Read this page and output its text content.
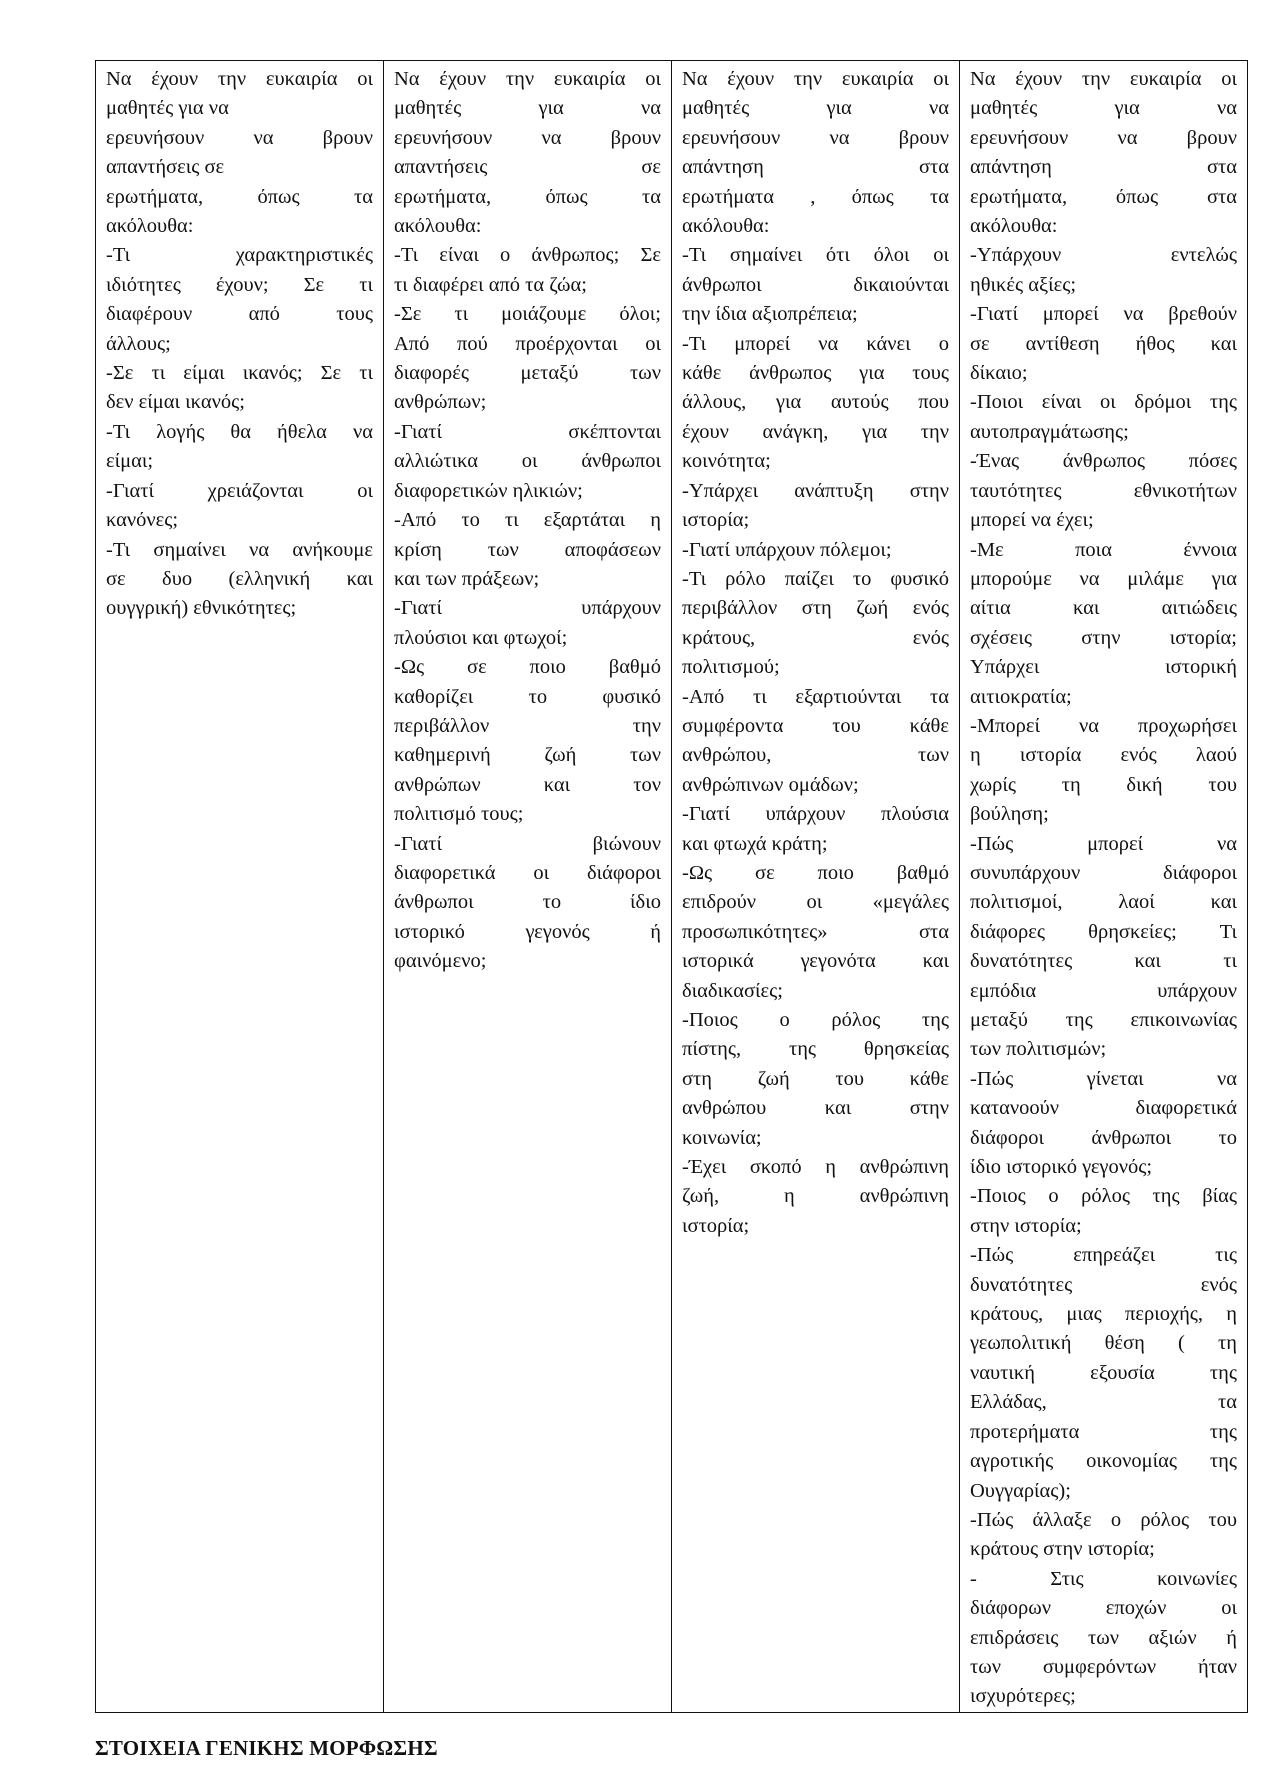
Να έχουν την ευκαιρία οι
μαθητές για να
ερευνήσουν να βρουν
απαντήσεις σε
ερωτήματα, όπως τα
ακόλουθα:
-Τι χαρακτηριστικές
ιδιότητες έχουν; Σε τι
διαφέρουν από τους
άλλους;
-Σε τι είμαι ικανός; Σε τι
δεν είμαι ικανός;
-Τι λογής θα ήθελα να
είμαι;
-Γιατί χρειάζονται οι
κανόνες;
-Τι σημαίνει να ανήκουμε
σε δυο (ελληνική και
ουγγρική) εθνικότητες;

Να έχουν την ευκαιρία οι
μαθητές για να
ερευνήσουν να βρουν
απαντήσεις σε
ερωτήματα, όπως τα
ακόλουθα:
-Τι είναι ο άνθρωπος; Σε
τι διαφέρει από τα ζώα;
-Σε τι μοιάζουμε όλοι;
Από πού προέρχονται οι
διαφορές μεταξύ των
ανθρώπων;
-Γιατί σκέπτονται
αλλιώτικα οι άνθρωποι
διαφορετικών ηλικιών;
-Από το τι εξαρτάται η
κρίση των αποφάσεων
και των πράξεων;
-Γιατί υπάρχουν
πλούσιοι και φτωχοί;
-Ως σε ποιο βαθμό
καθορίζει το φυσικό
περιβάλλον την
καθημερινή ζωή των
ανθρώπων και τον
πολιτισμό τους;
-Γιατί βιώνουν
διαφορετικά οι διάφοροι
άνθρωποι το ίδιο
ιστορικό γεγονός ή
φαινόμενο;

Να έχουν την ευκαιρία οι
μαθητές για να
ερευνήσουν να βρουν
απάντηση στα
ερωτήματα , όπως τα
ακόλουθα:
-Τι σημαίνει ότι όλοι οι
άνθρωποι δικαιούνται
την ίδια αξιοπρέπεια;
-Τι μπορεί να κάνει ο
κάθε άνθρωπος για τους
άλλους, για αυτούς που
έχουν ανάγκη, για την
κοινότητα;
-Υπάρχει ανάπτυξη στην
ιστορία;
-Γιατί υπάρχουν πόλεμοι;
-Τι ρόλο παίζει το φυσικό
περιβάλλον στη ζωή ενός
κράτους, ενός
πολιτισμού;
-Από τι εξαρτιούνται τα
συμφέροντα του κάθε
ανθρώπου, των
ανθρώπινων ομάδων;
-Γιατί υπάρχουν πλούσια
και φτωχά κράτη;
-Ως σε ποιο βαθμό
επιδρούν οι «μεγάλες
προσωπικότητες» στα
ιστορικά γεγονότα και
διαδικασίες;
-Ποιος ο ρόλος της
πίστης, της θρησκείας
στη ζωή του κάθε
ανθρώπου και στην
κοινωνία;
-Έχει σκοπό η ανθρώπινη
ζωή, η ανθρώπινη
ιστορία;

Να έχουν την ευκαιρία οι
μαθητές για να
ερευνήσουν να βρουν
απάντηση στα
ερωτήματα, όπως στα
ακόλουθα:
-Υπάρχουν εντελώς
ηθικές αξίες;
-Γιατί μπορεί να βρεθούν
σε αντίθεση ήθος και
δίκαιο;
-Ποιοι είναι οι δρόμοι της
αυτοπραγμάτωσης;
-Ένας άνθρωπος πόσες
ταυτότητες εθνικοτήτων
μπορεί να έχει;
-Με ποια έννοια
μπορούμε να μιλάμε για
αίτια και αιτιώδεις
σχέσεις στην ιστορία;
Υπάρχει ιστορική
αιτιοκρατία;
-Μπορεί να προχωρήσει
η ιστορία ενός λαού
χωρίς τη δική του
βούληση;
-Πώς μπορεί να
συνυπάρχουν διάφοροι
πολιτισμοί, λαοί και
διάφορες θρησκείες; Τι
δυνατότητες και τι
εμπόδια υπάρχουν
μεταξύ της επικοινωνίας
των πολιτισμών;
-Πώς γίνεται να
κατανοούν διαφορετικά
διάφοροι άνθρωποι το
ίδιο ιστορικό γεγονός;
-Ποιος ο ρόλος της βίας
στην ιστορία;
-Πώς επηρεάζει τις
δυνατότητες ενός
κράτους, μιας περιοχής, η
γεωπολιτική θέση ( τη
ναυτική εξουσία της
Ελλάδας, τα
προτερήματα της
αγροτικής οικονομίας της
Ουγγαρίας);
-Πώς άλλαξε ο ρόλος του
κράτους στην ιστορία;
- Στις κοινωνίες
διάφορων εποχών οι
επιδράσεις των αξιών ή
των συμφερόντων ήταν
ισχυρότερες;
ΣΤΟΙΧΕΙΑ ΓΕΝΙΚΗΣ ΜΟΡΦΩΣΗΣ
